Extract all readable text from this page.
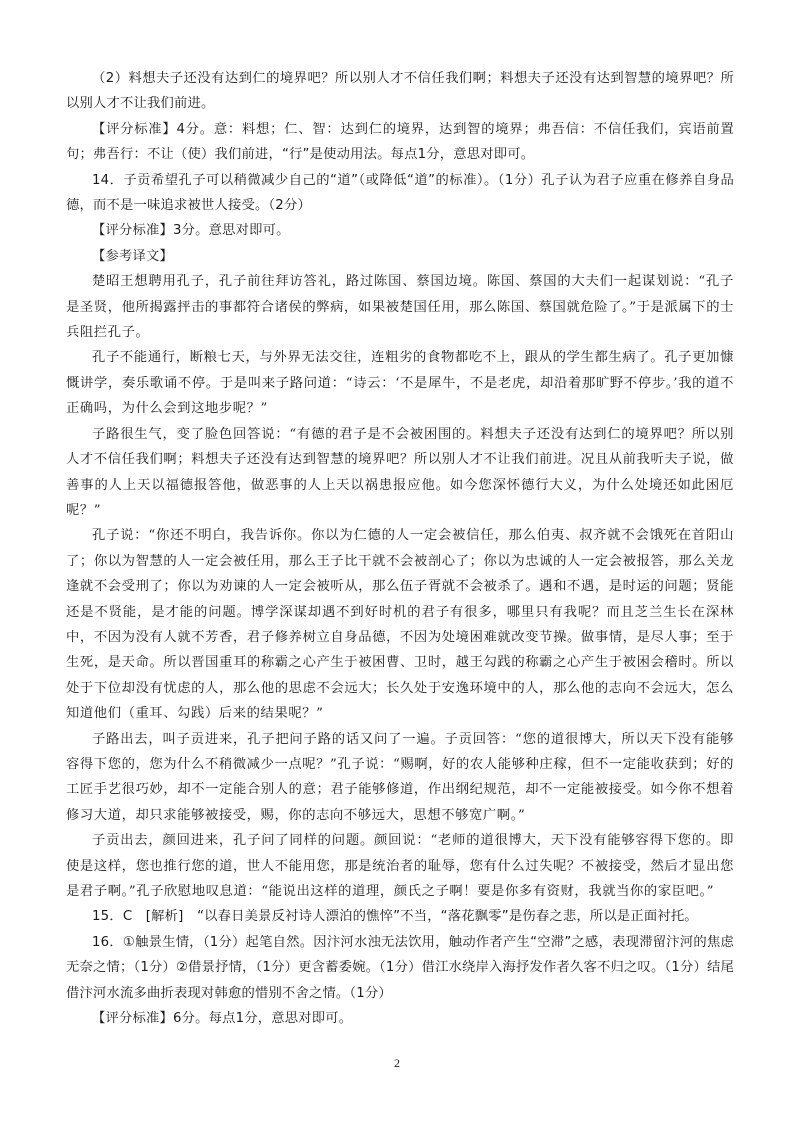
（2）料想夫子还没有达到仁的境界吧？所以别人才不信任我们啊；料想夫子还没有达到智慧的境界吧？所以别人才不让我们前进。

【评分标准】4分。意：料想；仁、智：达到仁的境界，达到智的境界；弗吾信：不信任我们，宾语前置句；弗吾行：不让（使）我们前进，“行”是使动用法。每点1分，意思对即可。

14．子贡希望孔子可以稍微减少自己的“道”（或降低“道”的标准）。（1分）孔子认为君子应重在修养自身品德，而不是一味追求被世人接受。（2分）

【评分标准】3分。意思对即可。

【参考译文】

楚昭王想聘用孔子，孔子前往拜访答礼，路过陈国、蔡国边境。陈国、蔡国的大夫们一起谋划说：“孔子是圣贤，他所揭露抨击的事都符合诸侯的弊病，如果被楚国任用，那么陈国、蔡国就危险了。”于是派属下的士兵阻拦孔子。

孔子不能通行，断粮七天，与外界无法交往，连粗劣的食物都吃不上，跟从的学生都生病了。孔子更加慷慨讲学，奏乐歌诵不停。于是叫来子路问道：“诗云：‘不是犀牛，不是老虎，却沿着那旷野不停步。’我的道不正确吗，为什么会到这地步呢？”

子路很生气，变了脸色回答说：“有德的君子是不会被困围的。料想夫子还没有达到仁的境界吧？所以别人才不信任我们啊；料想夫子还没有达到智慧的境界吧？所以别人才不让我们前进。况且从前我听夫子说，做善事的人上天以福德报答他，做恶事的人上天以祸患报应他。如今您深怀德行大义，为什么处境还如此困厄呢？”

孔子说：“你还不明白，我告诉你。你以为仁德的人一定会被信任，那么伯夷、叔齐就不会饿死在首阳山了；你以为智慧的人一定会被任用，那么王子比干就不会被剖心了；你以为忠诚的人一定会被报答，那么关龙逢就不会受刑了；你以为劝谏的人一定会被听从，那么伍子胥就不会被杀了。遇和不遇，是时运的问题；贤能还是不贤能，是才能的问题。博学深谋却遇不到好时机的君子有很多，哪里只有我呢？而且芝兰生长在深林中，不因为没有人就不芳香，君子修养树立自身品德，不因为处境困难就改变节操。做事情，是尽人事；至于生死，是天命。所以晋国重耳的称霸之心产生于被困曹、卫时，越王勾践的称霸之心产生于被困会稽时。所以处于下位却没有忧虑的人，那么他的思虑不会远大；长久处于安逸环境中的人，那么他的志向不会远大，怎么知道他们（重耳、勾践）后来的结果呢？”

子路出去，叫子贡进来，孔子把问子路的话又问了一遍。子贡回答：“您的道很博大，所以天下没有能够容得下您的，您为什么不稍微减少一点呢？”孔子说：“赐啊，好的农人能够种庄稼，但不一定能收获到；好的工匠手艺很巧妙，却不一定能合别人的意；君子能够修道，作出纲纪规范，却不一定能被接受。如今你不想着修习大道，却只求能够被接受，赐，你的志向不够远大，思想不够宽广啊。”

子贡出去，颜回进来，孔子问了同样的问题。颜回说：“老师的道很博大，天下没有能够容得下您的。即使是这样，您也推行您的道，世人不能用您，那是统治者的耻辱，您有什么过失呢？不被接受，然后才显出您是君子啊。”孔子欣慰地叹息道：“能说出这样的道理，颜氏之子啊！要是你多有资财，我就当你的家臣吧。”

15．C　[解析]　“以春日美景反衬诗人漂泊的憔悴”不当，“落花飘零”是伤春之悲，所以是正面衬托。

16．①触景生情，（1分）起笔自然。因汴河水浊无法饮用，触动作者产生“空滞”之感，表现滞留汴河的焦虑无奈之情；（1分）②借景抒情，（1分）更含蓄委婉。（1分）借江水绕岸入海抒发作者久客不归之叹。（1分）结尾借汴河水流多曲折表现对韩愈的惜别不舍之情。（1分）

【评分标准】6分。每点1分，意思对即可。

2
